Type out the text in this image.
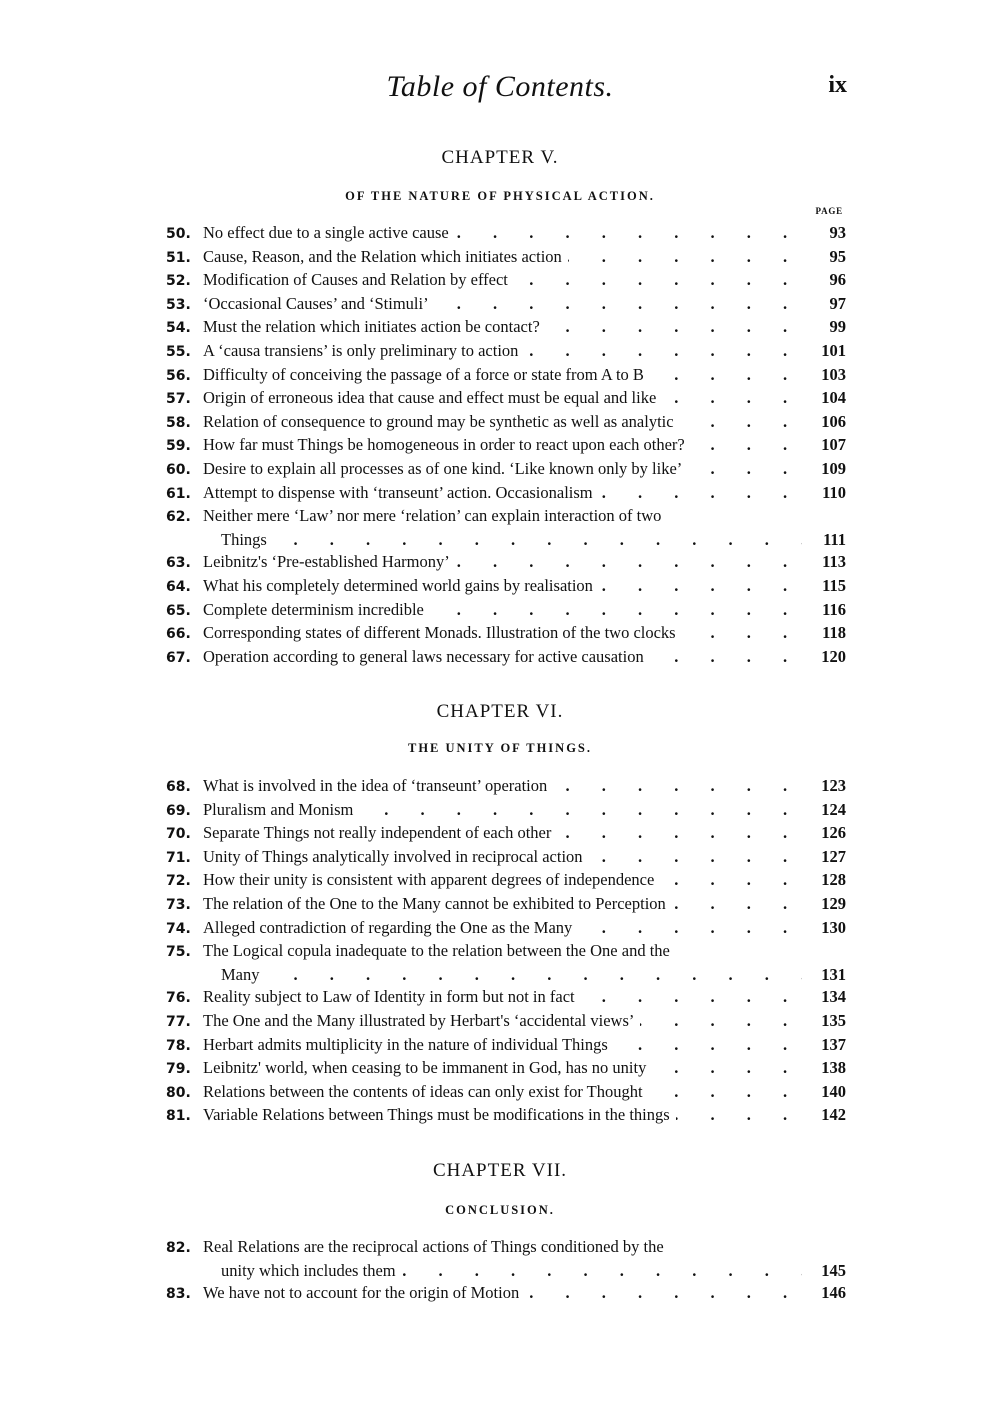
Table of Contents.	ix
CHAPTER V.
OF THE NATURE OF PHYSICAL ACTION.
PAGE
50. No effect due to a single active cause . . .	93
51. Cause, Reason, and the Relation which initiates action . . .	95
52. Modification of Causes and Relation by effect . . .	96
53. ‘Occasional Causes’ and ‘Stimuli’ . . .	97
54. Must the relation which initiates action be contact? . . .	99
55. A ‘causa transiens’ is only preliminary to action . . .	101
56. Difficulty of conceiving the passage of a force or state from A to B . . .	103
57. Origin of erroneous idea that cause and effect must be equal and like . . .	104
58. Relation of consequence to ground may be synthetic as well as analytic . . .	106
59. How far must Things be homogeneous in order to react upon each other? . . .	107
60. Desire to explain all processes as of one kind. ‘Like known only by like’ . . .	109
61. Attempt to dispense with ‘transeunt’ action. Occasionalism . . .	110
62. Neither mere ‘Law’ nor mere ‘relation’ can explain interaction of two
Things . . .	111
63. Leibnitz's ‘Pre-established Harmony’ . . .	113
64. What his completely determined world gains by realisation . . .	115
65. Complete determinism incredible . . .	116
66. Corresponding states of different Monads. Illustration of the two clocks . . .	118
67. Operation according to general laws necessary for active causation . . .	120
CHAPTER VI.
THE UNITY OF THINGS.
68. What is involved in the idea of ‘transeunt’ operation . . .	123
69. Pluralism and Monism . . .	124
70. Separate Things not really independent of each other . . .	126
71. Unity of Things analytically involved in reciprocal action . . .	127
72. How their unity is consistent with apparent degrees of independence . . .	128
73. The relation of the One to the Many cannot be exhibited to Perception . . .	129
74. Alleged contradiction of regarding the One as the Many . . .	130
75. The Logical copula inadequate to the relation between the One and the
Many . . .	131
76. Reality subject to Law of Identity in form but not in fact . . .	134
77. The One and the Many illustrated by Herbart's ‘accidental views’ . . .	135
78. Herbart admits multiplicity in the nature of individual Things . . .	137
79. Leibnitz' world, when ceasing to be immanent in God, has no unity . . .	138
80. Relations between the contents of ideas can only exist for Thought . . .	140
81. Variable Relations between Things must be modifications in the things . . .	142
CHAPTER VII.
CONCLUSION.
82. Real Relations are the reciprocal actions of Things conditioned by the
unity which includes them . . .	145
83. We have not to account for the origin of Motion . . .	146
